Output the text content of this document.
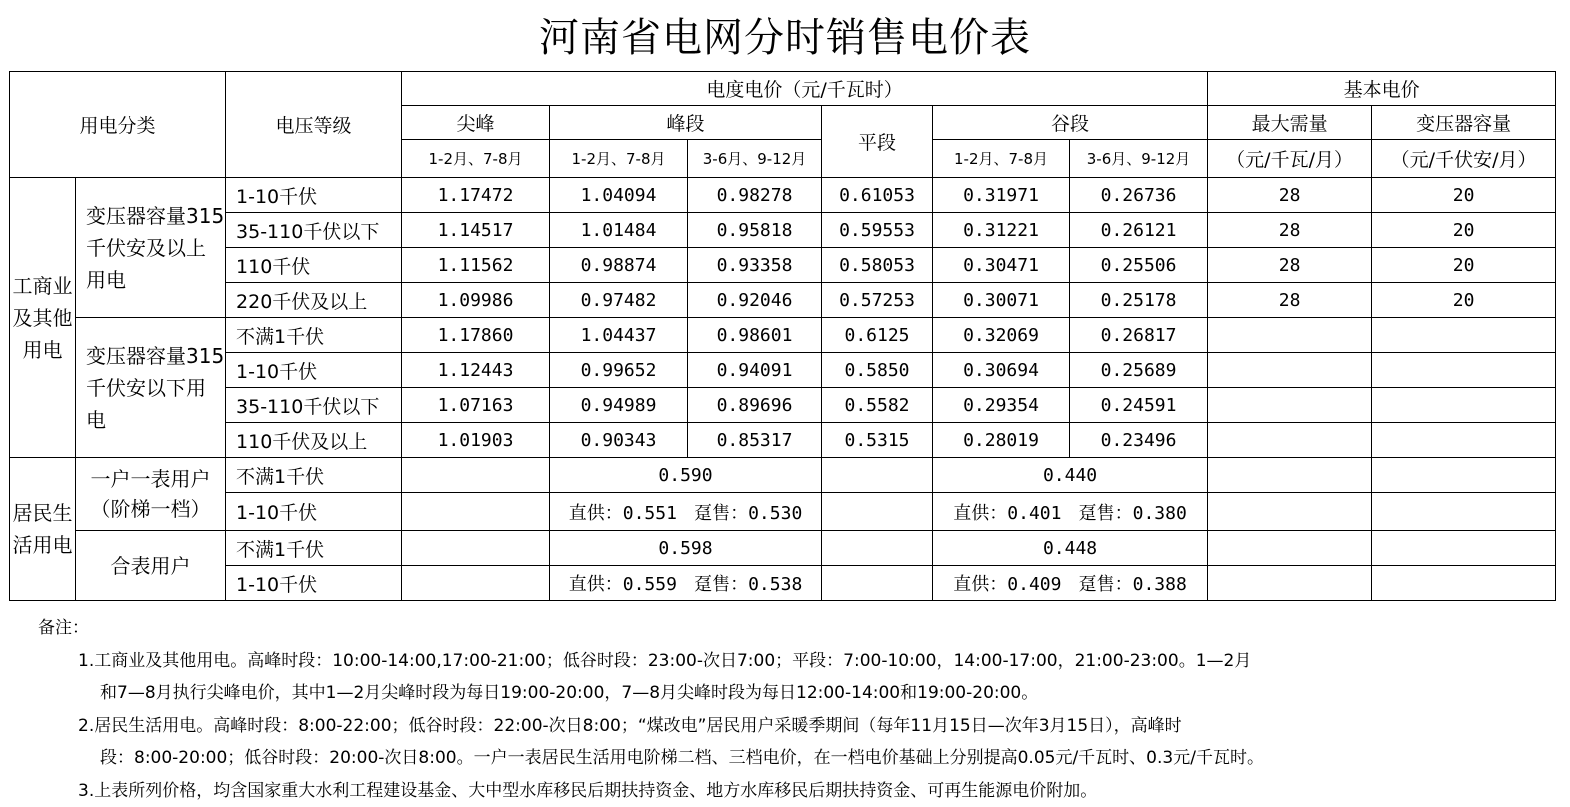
河南省电网分时销售电价表
用电分类		电压等级	电度电价（元/千瓦时）						基本电价	
			尖峰	峰段		平段	谷段		最大需量	变压器容量
			1-2月、7-8月	1-2月、7-8月	3-6月、9-12月		1-2月、7-8月	3-6月、9-12月	（元/千瓦/月）	（元/千伏安/月）
工商业及其他用电	变压器容量315千伏安及以上用电	1-10千伏	1.17472	1.04094	0.98278	0.61053	0.31971	0.26736	28	20
		35-110千伏以下	1.14517	1.01484	0.95818	0.59553	0.31221	0.26121	28	20
		110千伏	1.11562	0.98874	0.93358	0.58053	0.30471	0.25506	28	20
		220千伏及以上	1.09986	0.97482	0.92046	0.57253	0.30071	0.25178	28	20
	变压器容量315千伏安以下用电	不满1千伏	1.17860	1.04437	0.98601	0.6125	0.32069	0.26817		
		1-10千伏	1.12443	0.99652	0.94091	0.5850	0.30694	0.25689		
		35-110千伏以下	1.07163	0.94989	0.89696	0.5582	0.29354	0.24591		
		110千伏及以上	1.01903	0.90343	0.85317	0.5315	0.28019	0.23496		
居民生活用电	一户一表用户（阶梯一档）	不满1千伏		0.590			0.440			
		1-10千伏		直供：0.551 趸售：0.530			直供：0.401 趸售：0.380			
	合表用户	不满1千伏		0.598			0.448			
		1-10千伏		直供：0.559 趸售：0.538			直供：0.409 趸售：0.388			

备注：

1.工商业及其他用电。高峰时段：10:00-14:00,17:00-21:00；低谷时段：23:00-次日7:00；平段：7:00-10:00，14:00-17:00，21:00-23:00。1—2月

和7—8月执行尖峰电价，其中1—2月尖峰时段为每日19:00-20:00，7—8月尖峰时段为每日12:00-14:00和19:00-20:00。

2.居民生活用电。高峰时段：8:00-22:00；低谷时段：22:00-次日8:00；“煤改电”居民用户采暖季期间（每年11月15日—次年3月15日），高峰时

段：8:00-20:00；低谷时段：20:00-次日8:00。一户一表居民生活用电阶梯二档、三档电价，在一档电价基础上分别提高0.05元/千瓦时、0.3元/千瓦时。

3.上表所列价格，均含国家重大水利工程建设基金、大中型水库移民后期扶持资金、地方水库移民后期扶持资金、可再生能源电价附加。
